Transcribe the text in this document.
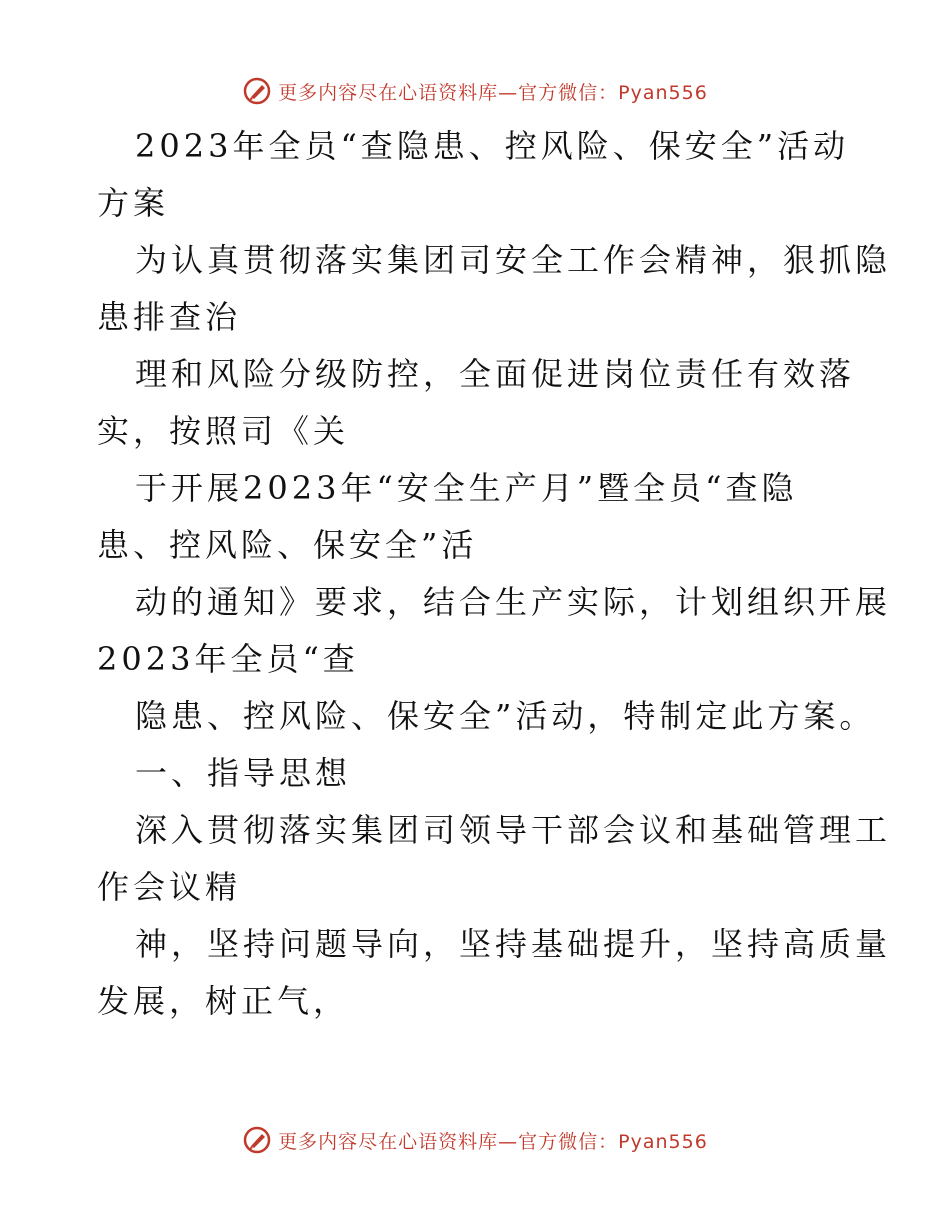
更多内容尽在心语资料库—官方微信：Pyan556
2023年全员“查隐患、控风险、保安全”活动
方案
为认真贯彻落实集团司安全工作会精神，狠抓隐
患排查治
理和风险分级防控，全面促进岗位责任有效落
实，按照司《关
于开展2023年“安全生产月”暨全员“查隐
患、控风险、保安全”活
动的通知》要求，结合生产实际，计划组织开展
2023年全员“查
隐患、控风险、保安全”活动，特制定此方案。
一、指导思想
深入贯彻落实集团司领导干部会议和基础管理工
作会议精
神，坚持问题导向，坚持基础提升，坚持高质量
发展，树正气，
更多内容尽在心语资料库—官方微信：Pyan556
